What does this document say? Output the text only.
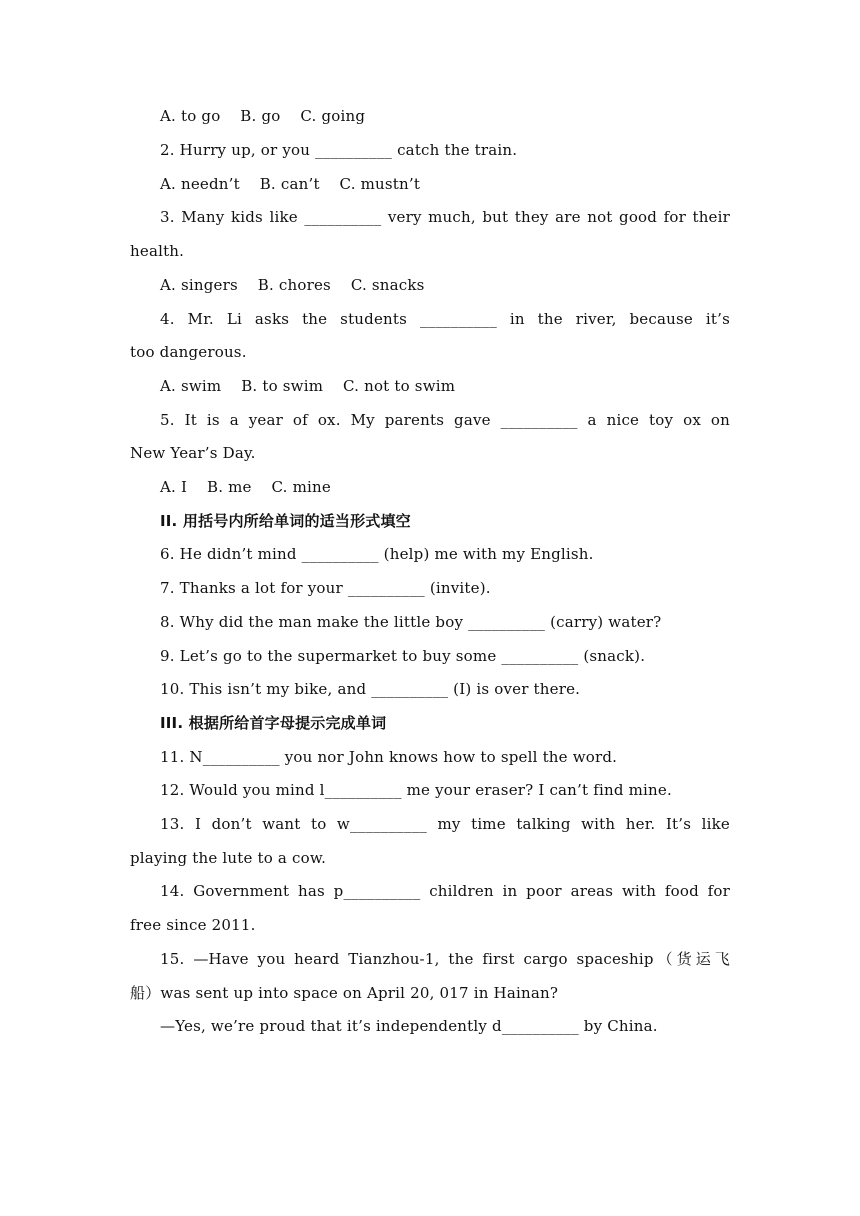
A. to go    B. go    C. going
2. Hurry up, or you __________ catch the train.
A. needn’t    B. can’t    C. mustn’t
3. Many kids like __________ very much, but they are not good for their
health.
A. singers    B. chores    C. snacks
4. Mr. Li asks the students __________ in the river, because it’s
too dangerous.
A. swim    B. to swim    C. not to swim
5. It is a year of ox. My parents gave __________ a nice toy ox on
New Year’s Day.
A. I    B. me    C. mine
II. 用括号内所给单词的适当形式填空
6. He didn’t mind __________ (help) me with my English.
7. Thanks a lot for your __________ (invite).
8. Why did the man make the little boy __________ (carry) water?
9. Let’s go to the supermarket to buy some __________ (snack).
10. This isn’t my bike, and __________ (I) is over there.
III. 根据所给首字母提示完成单词
11. N__________ you nor John knows how to spell the word.
12. Would you mind l__________ me your eraser? I can’t find mine.
13. I don’t want to w__________ my time talking with her. It’s like
playing the lute to a cow.
14. Government has p__________ children in poor areas with food for
free since 2011.
15. —Have you heard Tianzhou-1, the first cargo spaceship（货运飞
船）was sent up into space on April 20, 017 in Hainan?
—Yes, we’re proud that it’s independently d__________ by China.
